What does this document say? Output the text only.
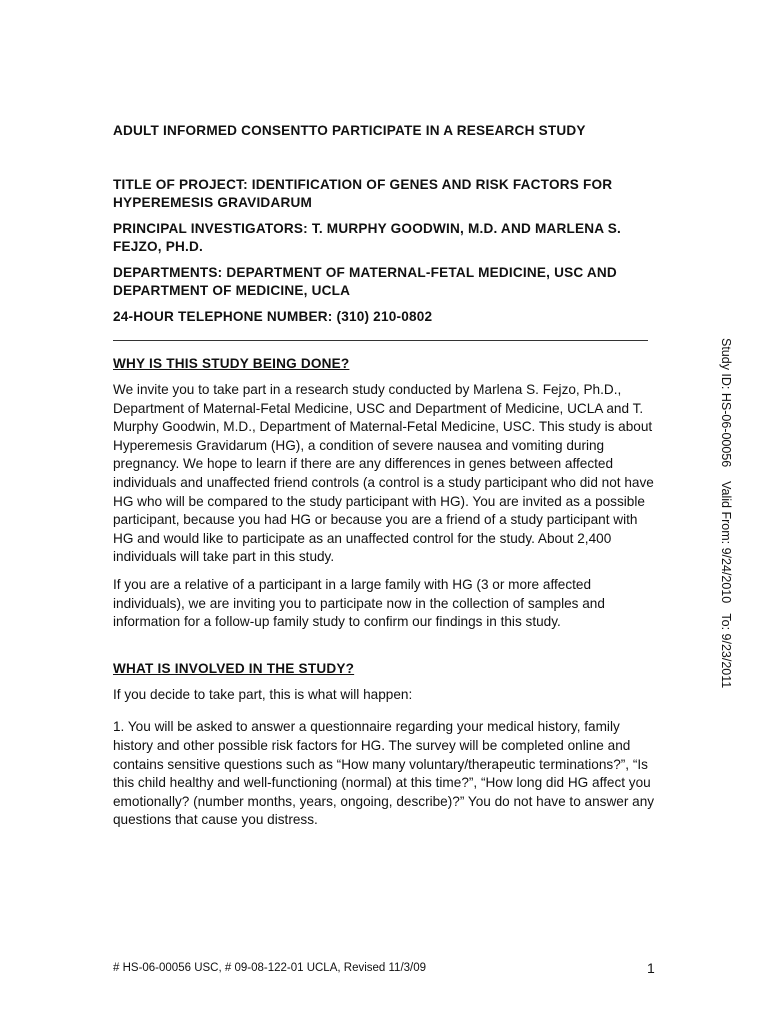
ADULT INFORMED CONSENTTO PARTICIPATE IN A RESEARCH STUDY

TITLE OF PROJECT: IDENTIFICATION OF GENES AND RISK FACTORS FOR HYPEREMESIS GRAVIDARUM

PRINCIPAL INVESTIGATORS: T. MURPHY GOODWIN, M.D. AND MARLENA S. FEJZO, PH.D.

DEPARTMENTS: DEPARTMENT OF MATERNAL-FETAL MEDICINE, USC AND DEPARTMENT OF MEDICINE, UCLA

24-HOUR TELEPHONE NUMBER: (310) 210-0802

WHY IS THIS STUDY BEING DONE?

We invite you to take part in a research study conducted by Marlena S. Fejzo, Ph.D., Department of Maternal-Fetal Medicine, USC and Department of Medicine, UCLA and T. Murphy Goodwin, M.D., Department of Maternal-Fetal Medicine, USC. This study is about Hyperemesis Gravidarum (HG), a condition of severe nausea and vomiting during pregnancy. We hope to learn if there are any differences in genes between affected individuals and unaffected friend controls (a control is a study participant who did not have HG who will be compared to the study participant with HG). You are invited as a possible participant, because you had HG or because you are a friend of a study participant with HG and would like to participate as an unaffected control for the study. About 2,400 individuals will take part in this study.

If you are a relative of a participant in a large family with HG (3 or more affected individuals), we are inviting you to participate now in the collection of samples and information for a follow-up family study to confirm our findings in this study.

WHAT IS INVOLVED IN THE STUDY?

If you decide to take part, this is what will happen:

1. You will be asked to answer a questionnaire regarding your medical history, family history and other possible risk factors for HG. The survey will be completed online and contains sensitive questions such as “How many voluntary/therapeutic terminations?”, “Is this child healthy and well-functioning (normal) at this time?”, “How long did HG affect you emotionally? (number months, years, ongoing, describe)?” You do not have to answer any questions that cause you distress.

Study ID: HS-06-00056    Valid From: 9/24/2010   To: 9/23/2011
# HS-06-00056 USC, # 09-08-122-01 UCLA, Revised 11/3/09	1
